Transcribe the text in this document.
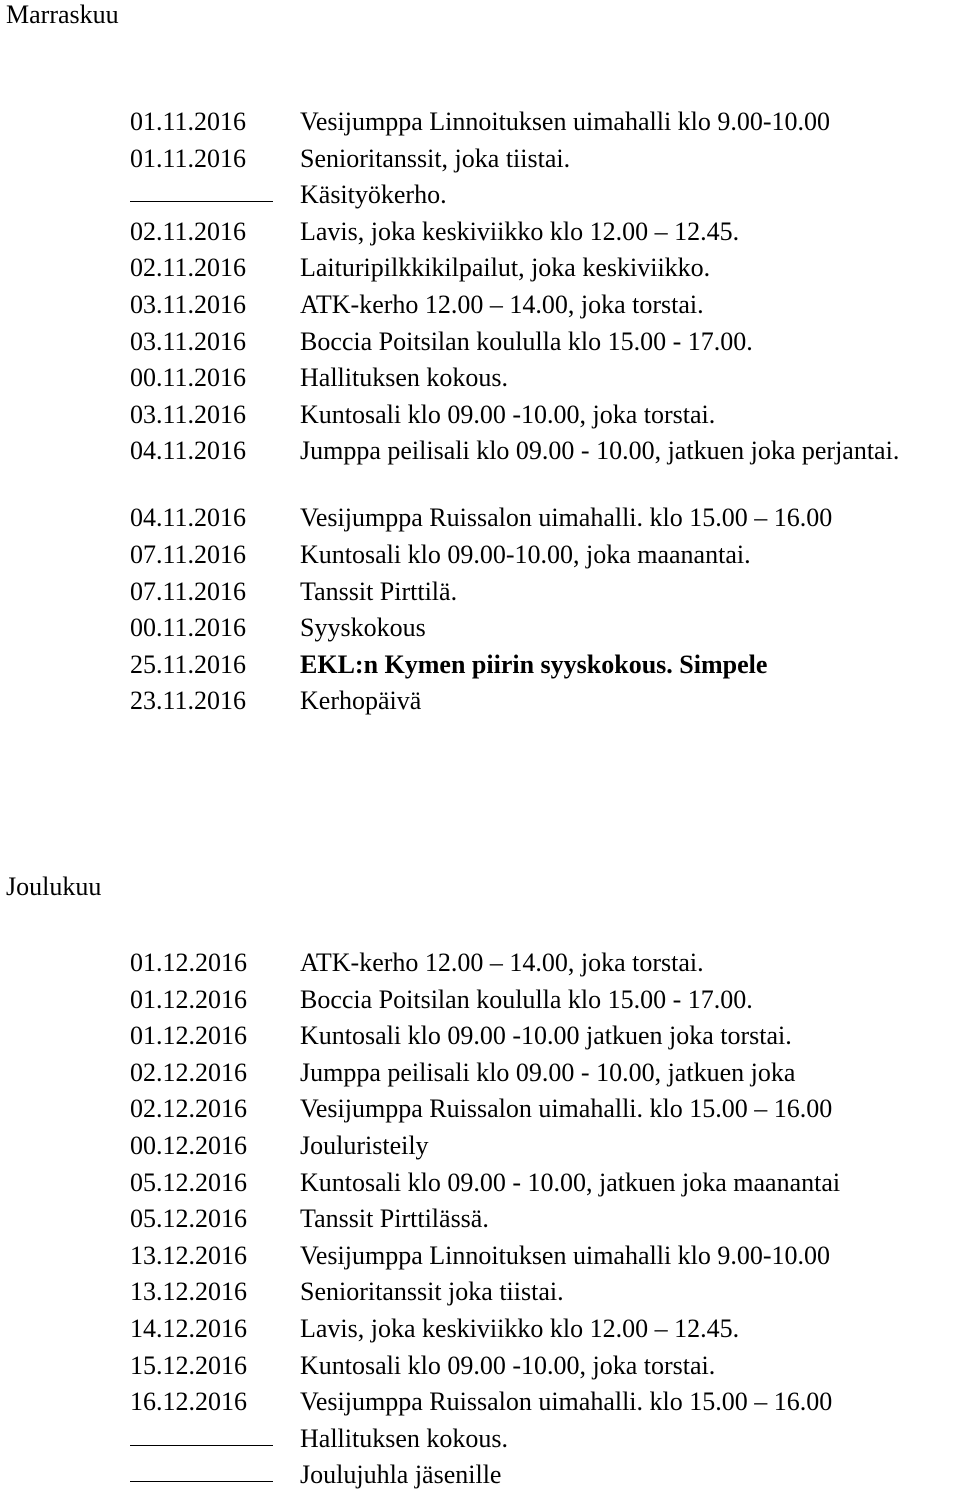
Marraskuu
01.11.2016 Vesijumppa Linnoituksen uimahalli klo 9.00-10.00
01.11.2016 Senioritanssit, joka tiistai.
Käsityökerho.
02.11.2016 Lavis, joka keskiviikko klo 12.00 – 12.45.
02.11.2016 Laituripilkkikilpailut, joka keskiviikko.
03.11.2016 ATK-kerho 12.00 – 14.00, joka torstai.
03.11.2016 Boccia Poitsilan koululla klo 15.00 - 17.00.
00.11.2016 Hallituksen kokous.
03.11.2016 Kuntosali klo 09.00 -10.00, joka torstai.
04.11.2016 Jumppa peilisali klo 09.00 - 10.00, jatkuen joka perjantai.
04.11.2016 Vesijumppa Ruissalon uimahalli. klo 15.00 – 16.00
07.11.2016 Kuntosali klo 09.00-10.00, joka maanantai.
07.11.2016 Tanssit Pirttilä.
00.11.2016 Syyskokous
25.11.2016 EKL:n Kymen piirin syyskokous. Simpele
23.11.2016 Kerhopäivä
Joulukuu
01.12.2016 ATK-kerho 12.00 – 14.00, joka torstai.
01.12.2016 Boccia Poitsilan koululla klo 15.00 - 17.00.
01.12.2016 Kuntosali klo 09.00 -10.00 jatkuen joka torstai.
02.12.2016 Jumppa peilisali klo 09.00 - 10.00, jatkuen joka
02.12.2016 Vesijumppa Ruissalon uimahalli. klo 15.00 – 16.00
00.12.2016 Jouluristeily
05.12.2016 Kuntosali klo 09.00 - 10.00, jatkuen joka maanantai
05.12.2016 Tanssit Pirttilässä.
13.12.2016 Vesijumppa Linnoituksen uimahalli klo 9.00-10.00
13.12.2016 Senioritanssit joka tiistai.
14.12.2016 Lavis, joka keskiviikko klo 12.00 – 12.45.
15.12.2016 Kuntosali klo 09.00 -10.00, joka torstai.
16.12.2016 Vesijumppa Ruissalon uimahalli. klo 15.00 – 16.00
Hallituksen kokous.
Joulujuhla jäsenille
